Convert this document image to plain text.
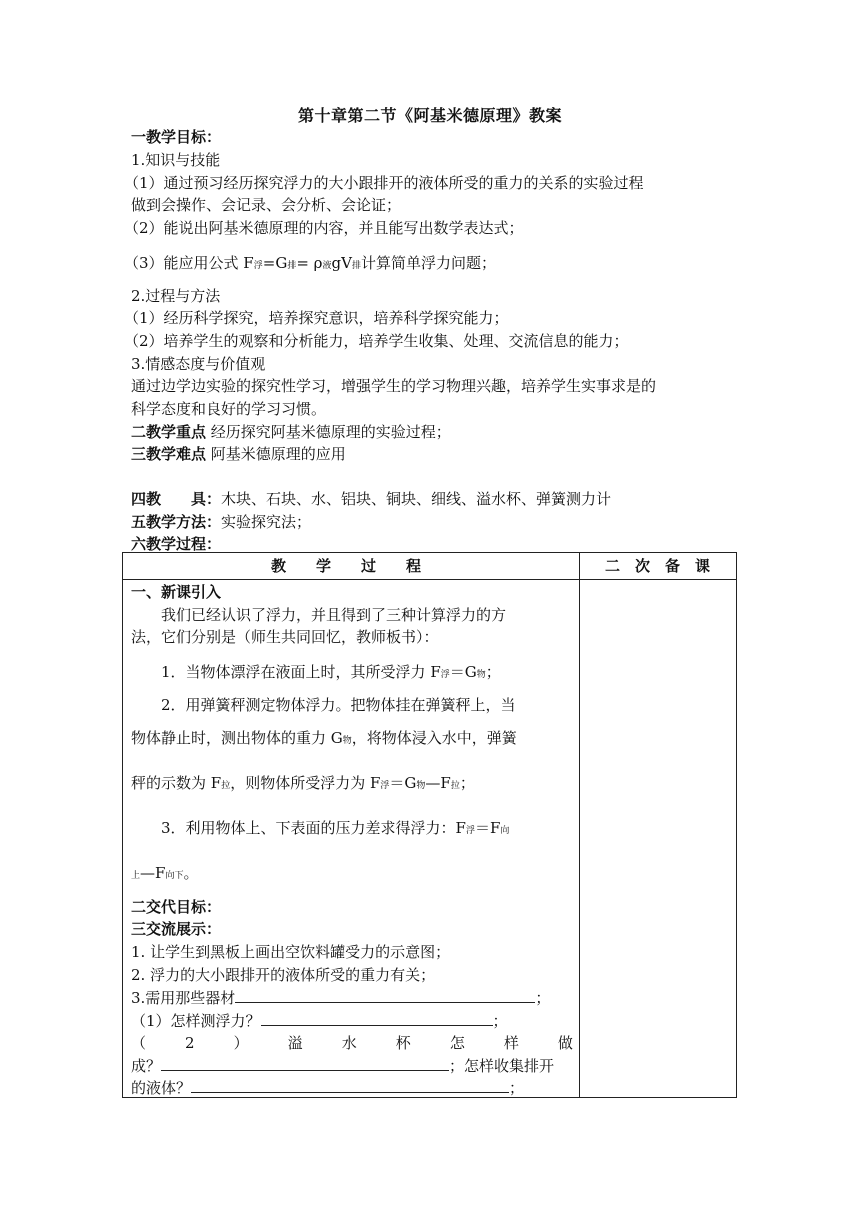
第十章第二节《阿基米德原理》教案
一教学目标：
1.知识与技能
（1）通过预习经历探究浮力的大小跟排开的液体所受的重力的关系的实验过程
做到会操作、会记录、会分析、会论证；
（2）能说出阿基米德原理的内容，并且能写出数学表达式；
（3）能应用公式 F浮=G排= ρ液gV排计算简单浮力问题；
2.过程与方法
（1）经历科学探究，培养探究意识，培养科学探究能力；
（2）培养学生的观察和分析能力，培养学生收集、处理、交流信息的能力；
3.情感态度与价值观
通过边学边实验的探究性学习，增强学生的学习物理兴趣，培养学生实事求是的
科学态度和良好的学习习惯。
二教学重点 经历探究阿基米德原理的实验过程；
三教学难点 阿基米德原理的应用
四教　　具：木块、石块、水、铝块、铜块、细线、溢水杯、弹簧测力计
五教学方法：实验探究法；
六教学过程：
教　　学　　过　　程	二　次　备　课
一、新课引入
　　我们已经认识了浮力，并且得到了三种计算浮力的方
法，它们分别是（师生共同回忆，教师板书）：
　　1．当物体漂浮在液面上时，其所受浮力 F浮＝G物；
　　2．用弹簧秤测定物体浮力。把物体挂在弹簧秤上，当
物体静止时，测出物体的重力 G物，将物体浸入水中，弹簧
秤的示数为 F拉，则物体所受浮力为 F浮＝G物—F拉；
　　3．利用物体上、下表面的压力差求得浮力：F浮＝F向
上—F向下。
二交代目标：
三交流展示：
1. 让学生到黑板上画出空饮料罐受力的示意图；
2. 浮力的大小跟排开的液体所受的重力有关；
3.需用那些器材	；
（1）怎样测浮力？	；
（	2	）	溢	水	杯	怎	样	做
成？	；怎样收集排开
的液体？	；
